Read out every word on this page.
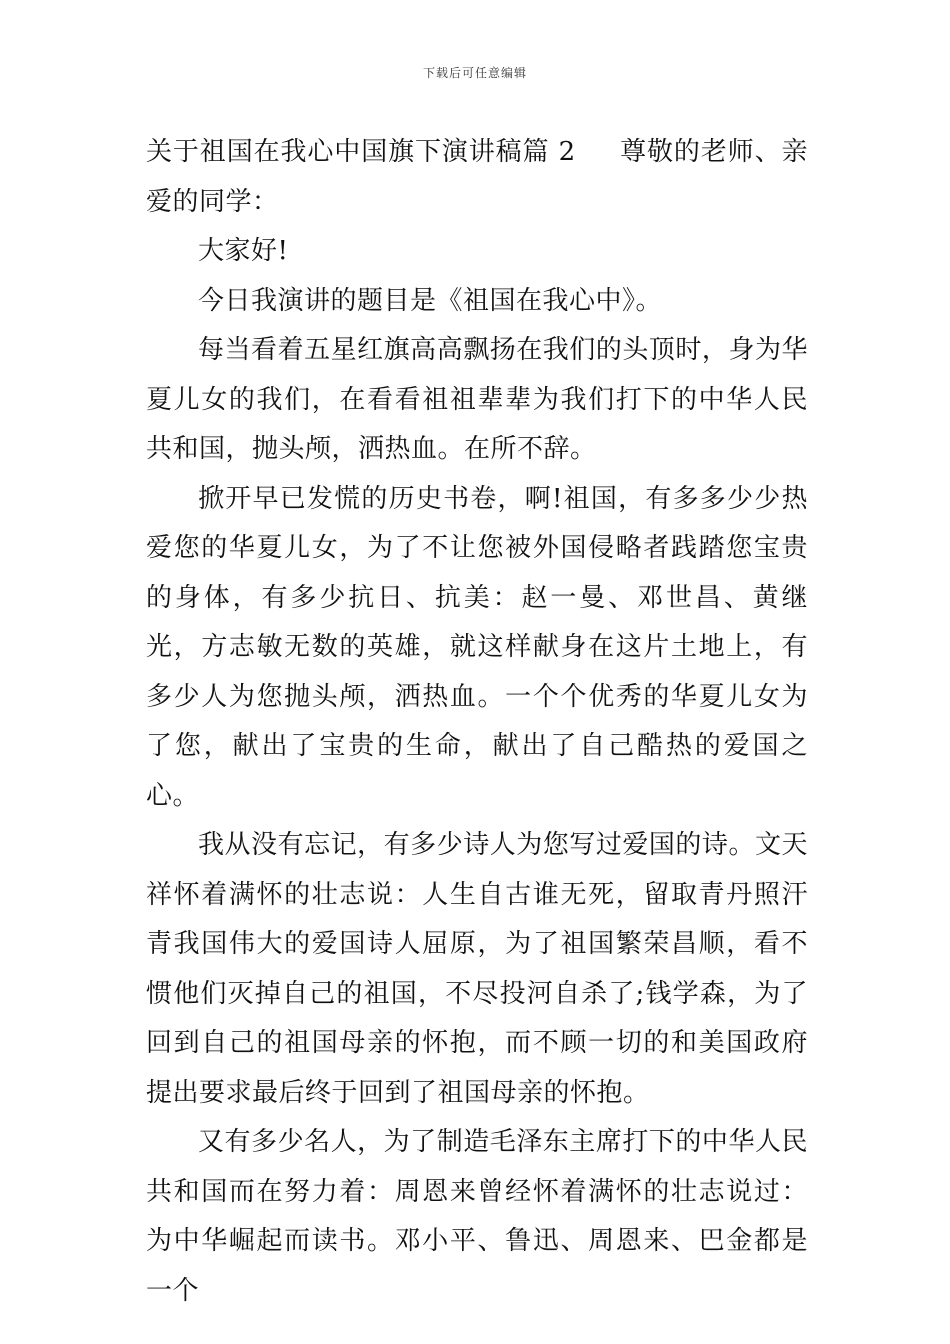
下载后可任意编辑

关于祖国在我心中国旗下演讲稿篇 2 尊敬的老师、亲爱的同学：

大家好!

今日我演讲的题目是《祖国在我心中》。

每当看着五星红旗高高飘扬在我们的头顶时，身为华夏儿女的我们，在看看祖祖辈辈为我们打下的中华人民共和国，抛头颅，洒热血。在所不辞。

掀开早已发慌的历史书卷，啊!祖国，有多多少少热爱您的华夏儿女，为了不让您被外国侵略者践踏您宝贵的身体，有多少抗日、抗美：赵一曼、邓世昌、黄继光，方志敏无数的英雄，就这样献身在这片土地上，有多少人为您抛头颅，洒热血。一个个优秀的华夏儿女为了您，献出了宝贵的生命，献出了自己酷热的爱国之心。

我从没有忘记，有多少诗人为您写过爱国的诗。文天祥怀着满怀的壮志说：人生自古谁无死，留取青丹照汗青我国伟大的爱国诗人屈原，为了祖国繁荣昌顺，看不惯他们灭掉自己的祖国，不尽投河自杀了;钱学森，为了回到自己的祖国母亲的怀抱，而不顾一切的和美国政府提出要求最后终于回到了祖国母亲的怀抱。

又有多少名人，为了制造毛泽东主席打下的中华人民共和国而在努力着：周恩来曾经怀着满怀的壮志说过：为中华崛起而读书。邓小平、鲁迅、周恩来、巴金都是一个
